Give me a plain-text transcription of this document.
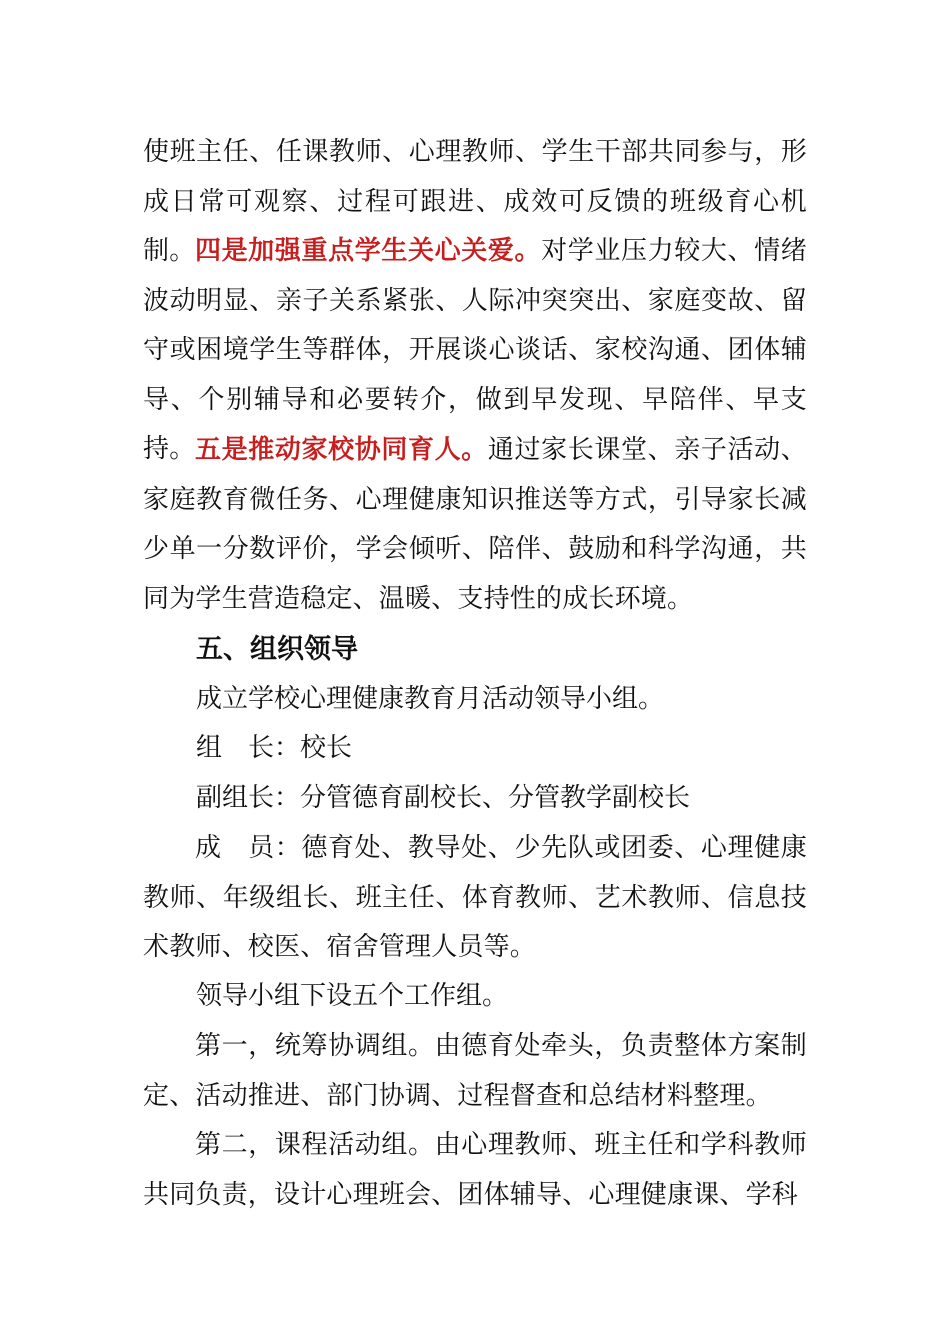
使班主任、任课教师、心理教师、学生干部共同参与，形成日常可观察、过程可跟进、成效可反馈的班级育心机制。 四是加强重点学生关心关爱。对学业压力较大、情绪波动明显、亲子关系紧张、人际冲突突出、家庭变故、留守或困境学生等群体，开展谈心谈话、家校沟通、团体辅导、个别辅导和必要转介，做到早发现、早陪伴、早支持。 五是推动家校协同育人。通过家长课堂、亲子活动、家庭教育微任务、心理健康知识推送等方式，引导家长减少单一分数评价，学会倾听、陪伴、鼓励和科学沟通，共同为学生营造稳定、温暖、支持性的成长环境。

五、组织领导

成立学校心理健康教育月活动领导小组。

组 长：校长

副组长：分管德育副校长、分管教学副校长

成 员：德育处、教导处、少先队或团委、心理健康教师、年级组长、班主任、体育教师、艺术教师、信息技术教师、校医、宿舍管理人员等。

领导小组下设五个工作组。

第一，统筹协调组。由德育处牵头，负责整体方案制定、活动推进、部门协调、过程督查和总结材料整理。

第二，课程活动组。由心理教师、班主任和学科教师共同负责，设计心理班会、团体辅导、心理健康课、学科
